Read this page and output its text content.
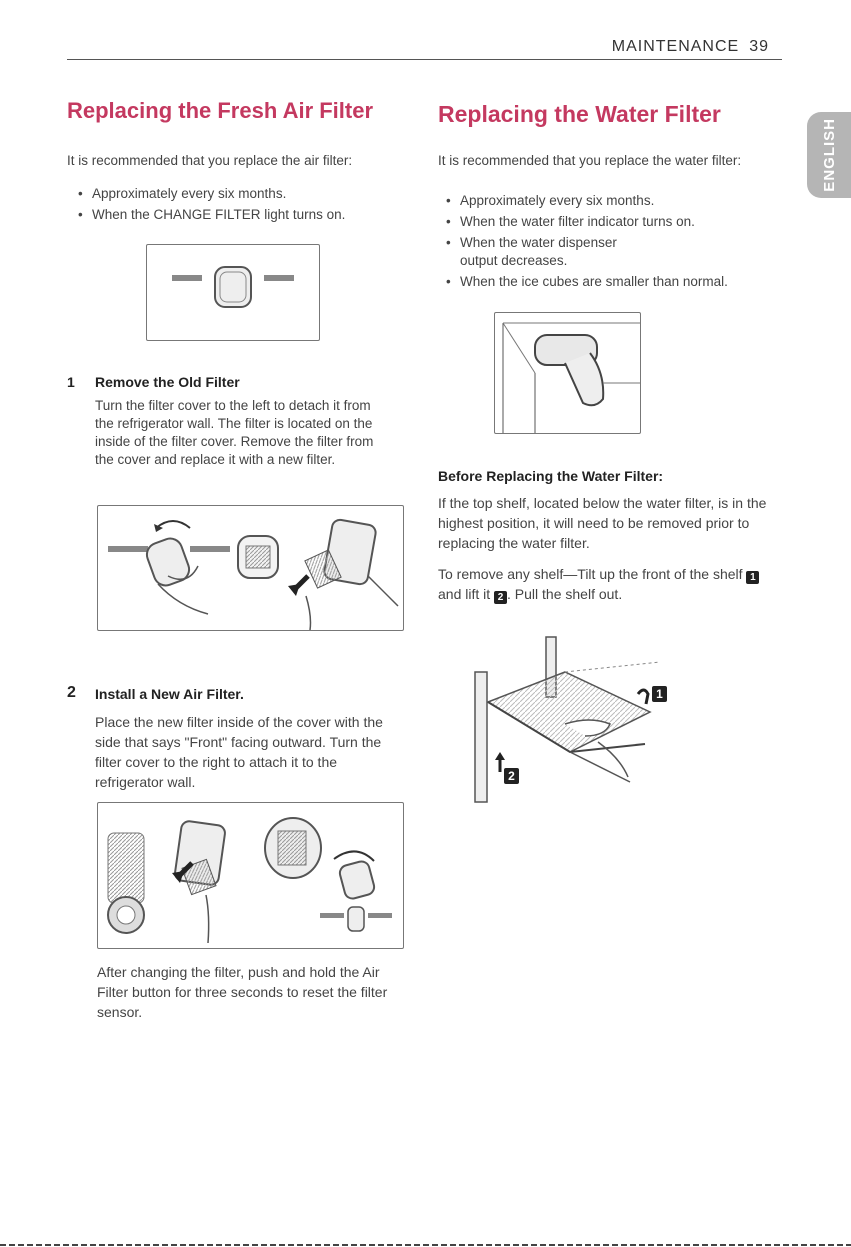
MAINTENANCE 39
ENGLISH
Replacing the Fresh Air Filter

It is recommended that you replace the air filter:

• Approximately every six months.
• When the CHANGE FILTER light turns on.
1 Remove the Old Filter

Turn the filter cover to the left to detach it from the refrigerator wall. The filter is located on the inside of the filter cover. Remove the filter from the cover and replace it with a new filter.

2 Install a New Air Filter.

Place the new filter inside of the cover with the side that says "Front" facing outward. Turn the filter cover to the right to attach it to the refrigerator wall.

After changing the filter, push and hold the Air Filter button for three seconds to reset the filter sensor.

Replacing the Water Filter

It is recommended that you replace the water filter:

• Approximately every six months.
• When the water filter indicator turns on.
• When the water dispenser output decreases.
• When the ice cubes are smaller than normal.
Before Replacing the Water Filter:

If the top shelf, located below the water filter, is in the highest position, it will need to be removed prior to replacing the water filter.

To remove any shelf—Tilt up the front of the shelf 1 and lift it 2 . Pull the shelf out.

1
2
